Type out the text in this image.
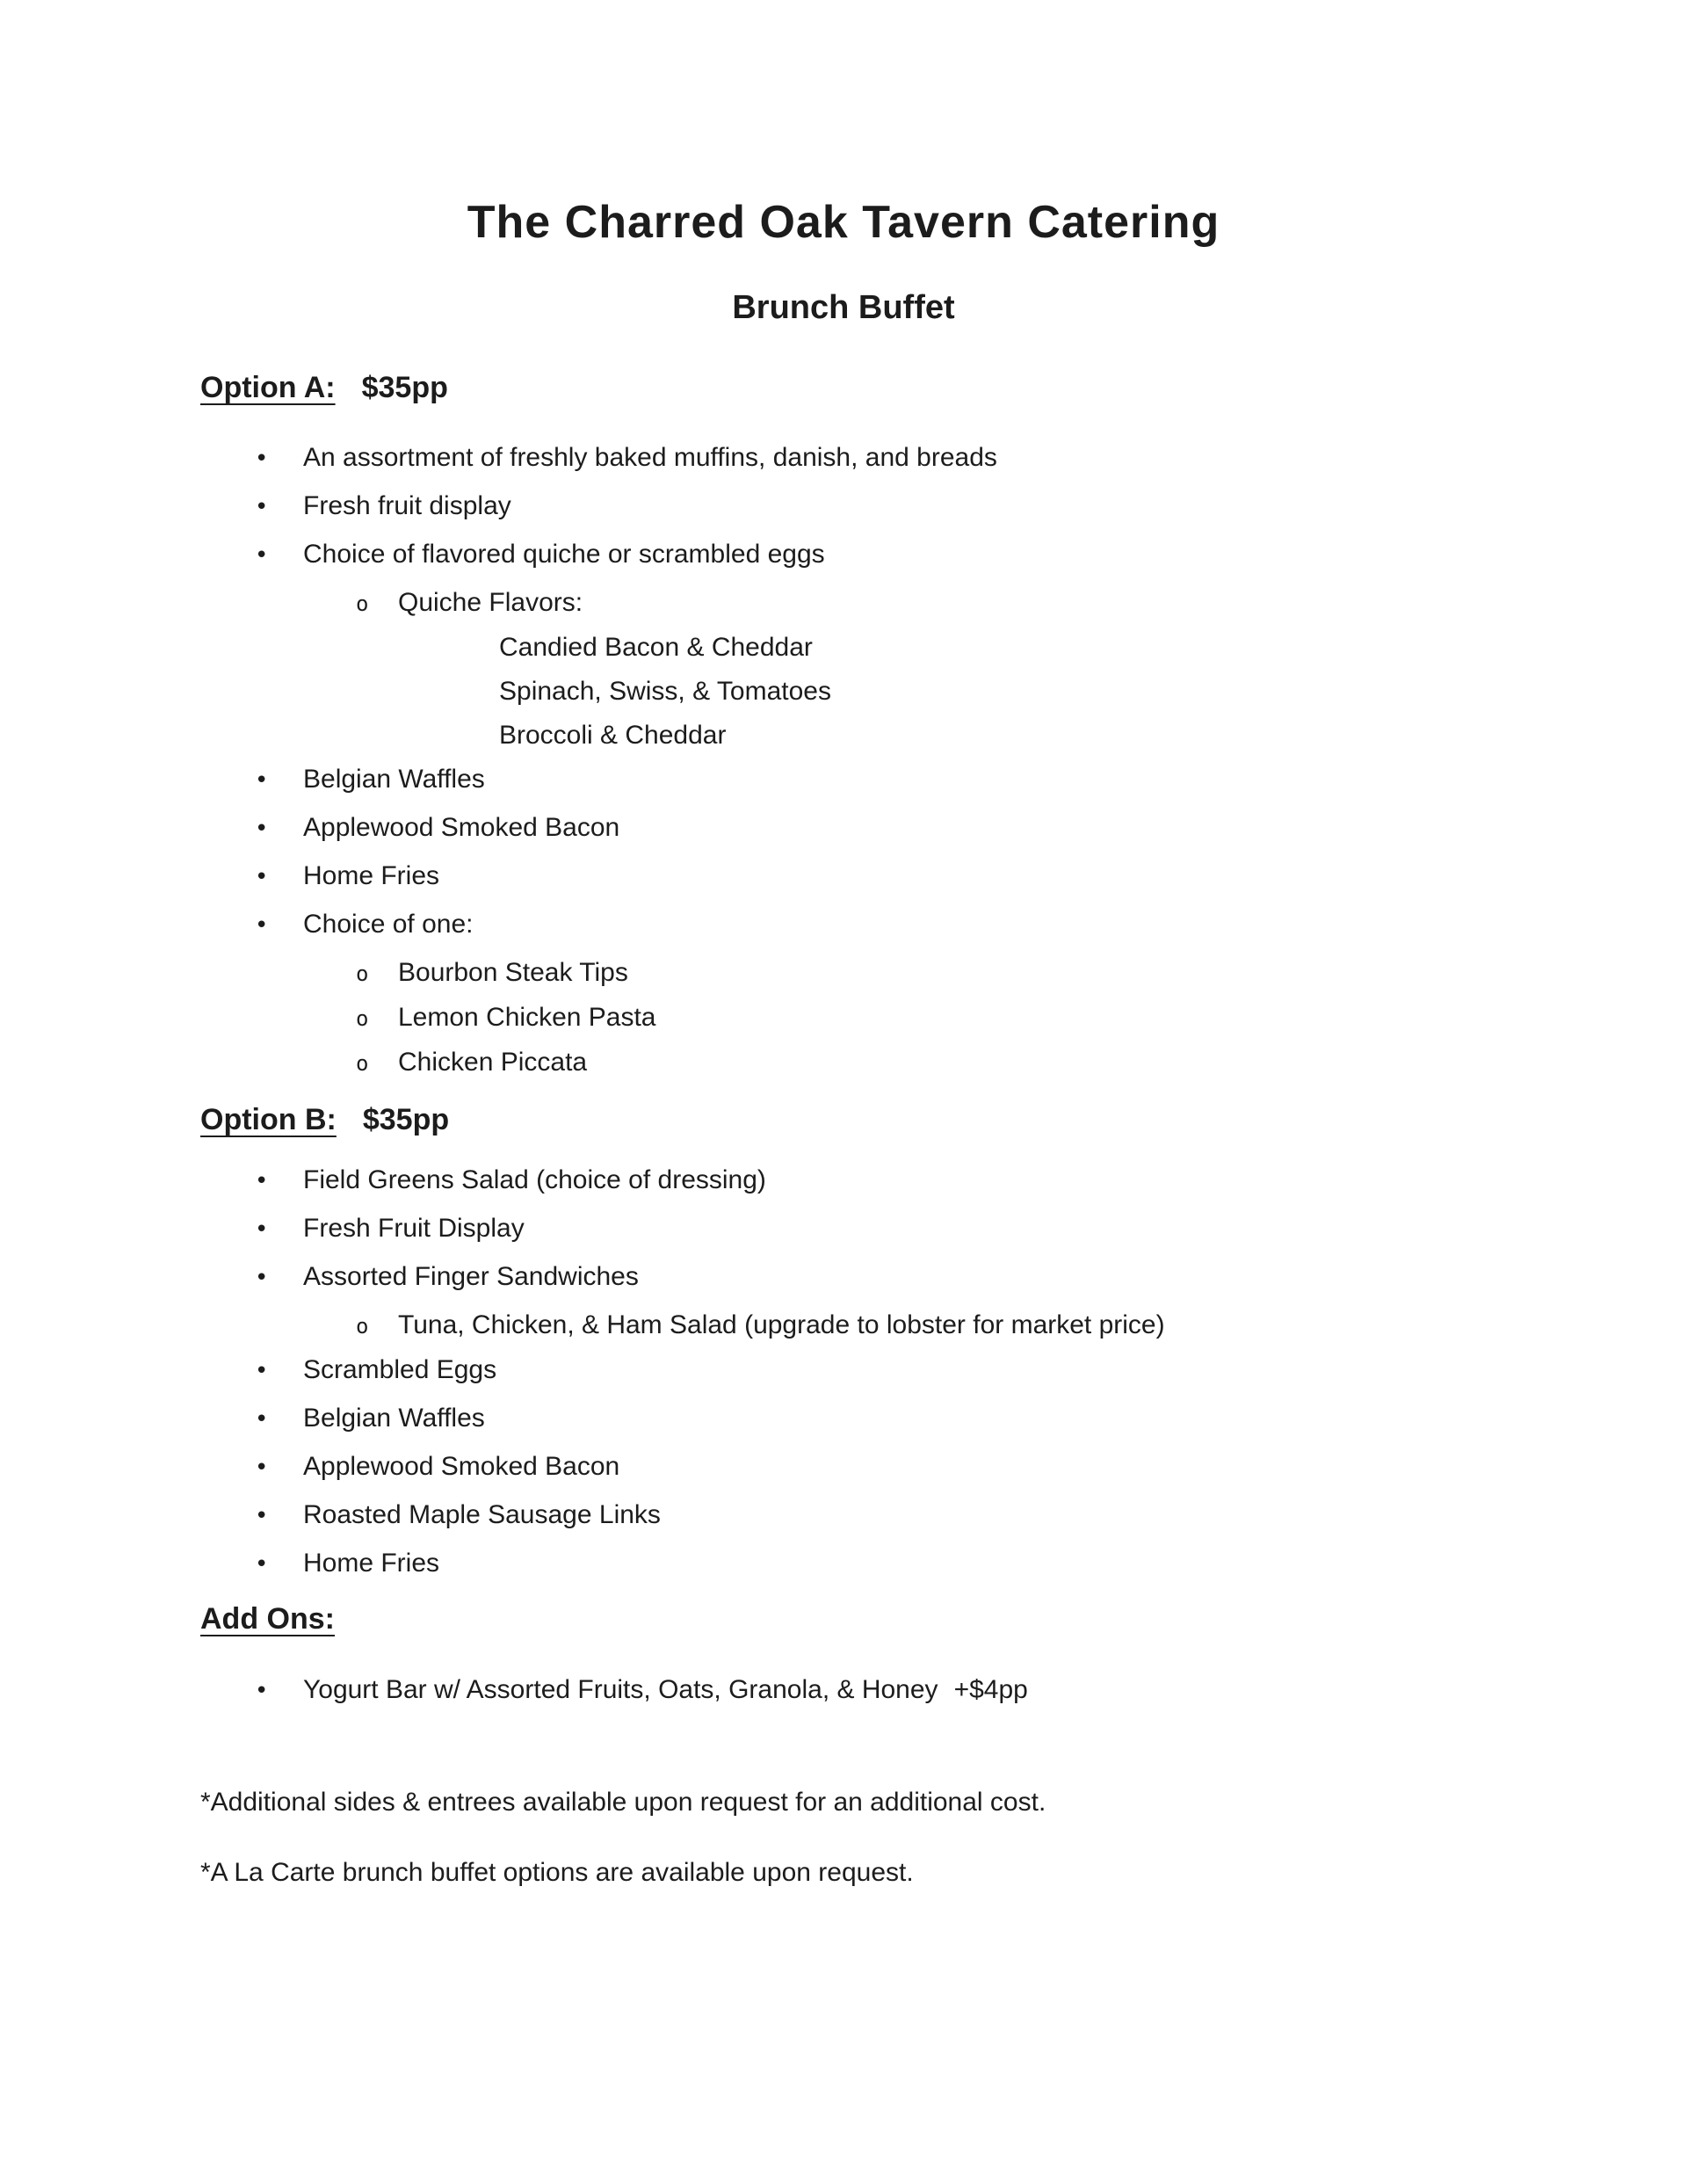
The Charred Oak Tavern Catering
Brunch Buffet
Option A: $35pp
•	An assortment of freshly baked muffins, danish, and breads
•	Fresh fruit display
•	Choice of flavored quiche or scrambled eggs
o	Quiche Flavors:
Candied Bacon & Cheddar
Spinach, Swiss, & Tomatoes
Broccoli & Cheddar
•	Belgian Waffles
•	Applewood Smoked Bacon
•	Home Fries
•	Choice of one:
o	Bourbon Steak Tips
o	Lemon Chicken Pasta
o	Chicken Piccata
Option B: $35pp
•	Field Greens Salad (choice of dressing)
•	Fresh Fruit Display
•	Assorted Finger Sandwiches
o	Tuna, Chicken, & Ham Salad (upgrade to lobster for market price)
•	Scrambled Eggs
•	Belgian Waffles
•	Applewood Smoked Bacon
•	Roasted Maple Sausage Links
•	Home Fries
Add Ons:
•	Yogurt Bar w/ Assorted Fruits, Oats, Granola, & Honey +$4pp
*Additional sides & entrees available upon request for an additional cost.
*A La Carte brunch buffet options are available upon request.
